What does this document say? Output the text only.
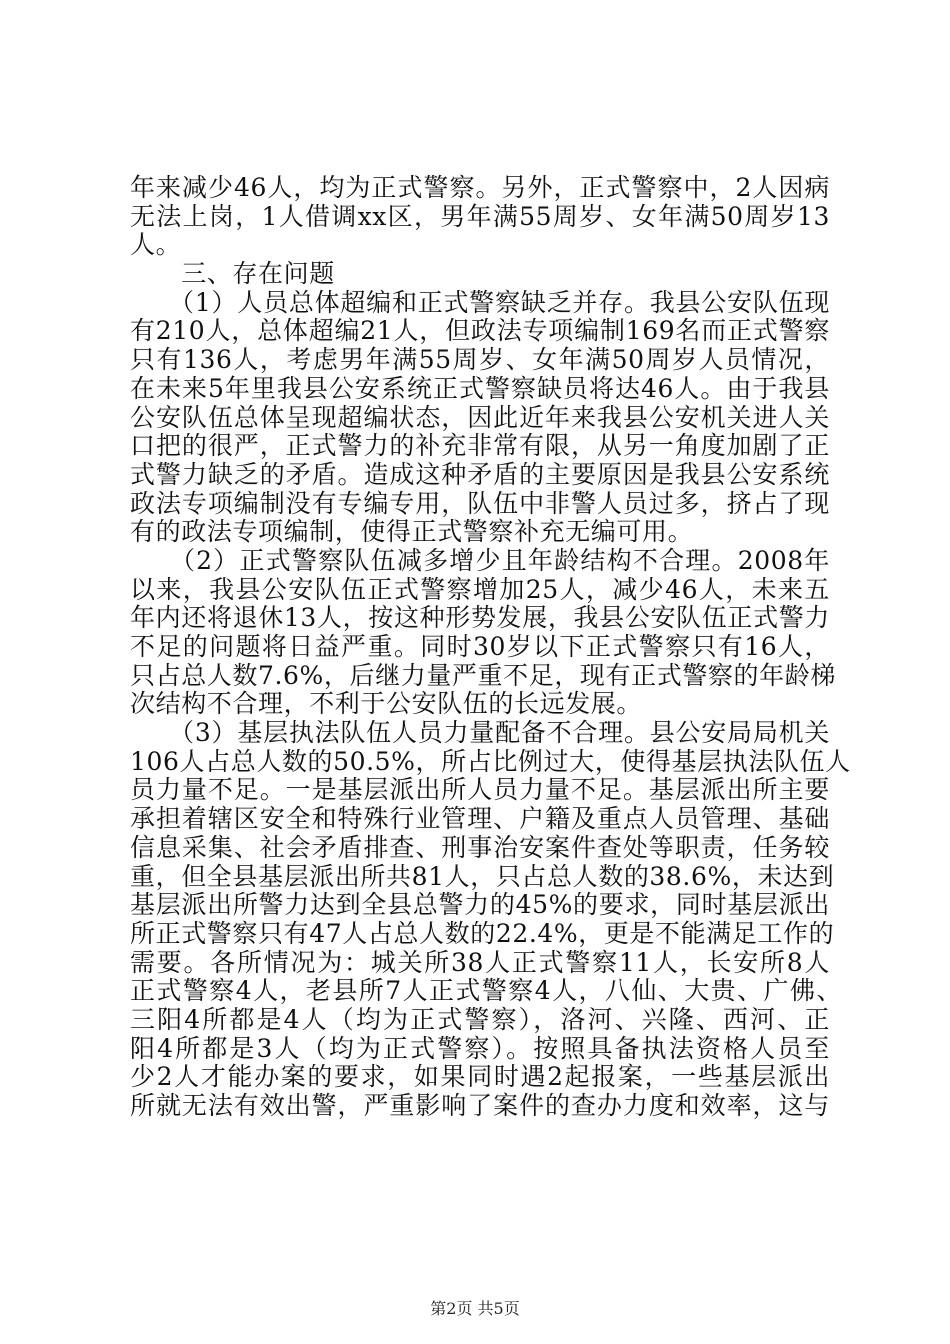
年来减少46人，均为正式警察。另外，正式警察中，2人因病
无法上岗，1人借调xx区，男年满55周岁、女年满50周岁13
人。
　　三、存在问题
　　（1）人员总体超编和正式警察缺乏并存。我县公安队伍现
有210人，总体超编21人，但政法专项编制169名而正式警察
只有136人，考虑男年满55周岁、女年满50周岁人员情况，
在未来5年里我县公安系统正式警察缺员将达46人。由于我县
公安队伍总体呈现超编状态，因此近年来我县公安机关进人关
口把的很严，正式警力的补充非常有限，从另一角度加剧了正
式警力缺乏的矛盾。造成这种矛盾的主要原因是我县公安系统
政法专项编制没有专编专用，队伍中非警人员过多，挤占了现
有的政法专项编制，使得正式警察补充无编可用。
　　（2）正式警察队伍减多增少且年龄结构不合理。2008年
以来，我县公安队伍正式警察增加25人，减少46人，未来五
年内还将退休13人，按这种形势发展，我县公安队伍正式警力
不足的问题将日益严重。同时30岁以下正式警察只有16人，
只占总人数7.6%，后继力量严重不足，现有正式警察的年龄梯
次结构不合理，不利于公安队伍的长远发展。
　　（3）基层执法队伍人员力量配备不合理。县公安局局机关
106人占总人数的50.5%，所占比例过大，使得基层执法队伍人
员力量不足。一是基层派出所人员力量不足。基层派出所主要
承担着辖区安全和特殊行业管理、户籍及重点人员管理、基础
信息采集、社会矛盾排查、刑事治安案件查处等职责，任务较
重，但全县基层派出所共81人，只占总人数的38.6%，未达到
基层派出所警力达到全县总警力的45%的要求，同时基层派出
所正式警察只有47人占总人数的22.4%，更是不能满足工作的
需要。各所情况为：城关所38人正式警察11人，长安所8人
正式警察4人，老县所7人正式警察4人，八仙、大贵、广佛、
三阳4所都是4人（均为正式警察），洛河、兴隆、西河、正
阳4所都是3人（均为正式警察）。按照具备执法资格人员至
少2人才能办案的要求，如果同时遇2起报案，一些基层派出
所就无法有效出警，严重影响了案件的查办力度和效率，这与
第2页 共5页
